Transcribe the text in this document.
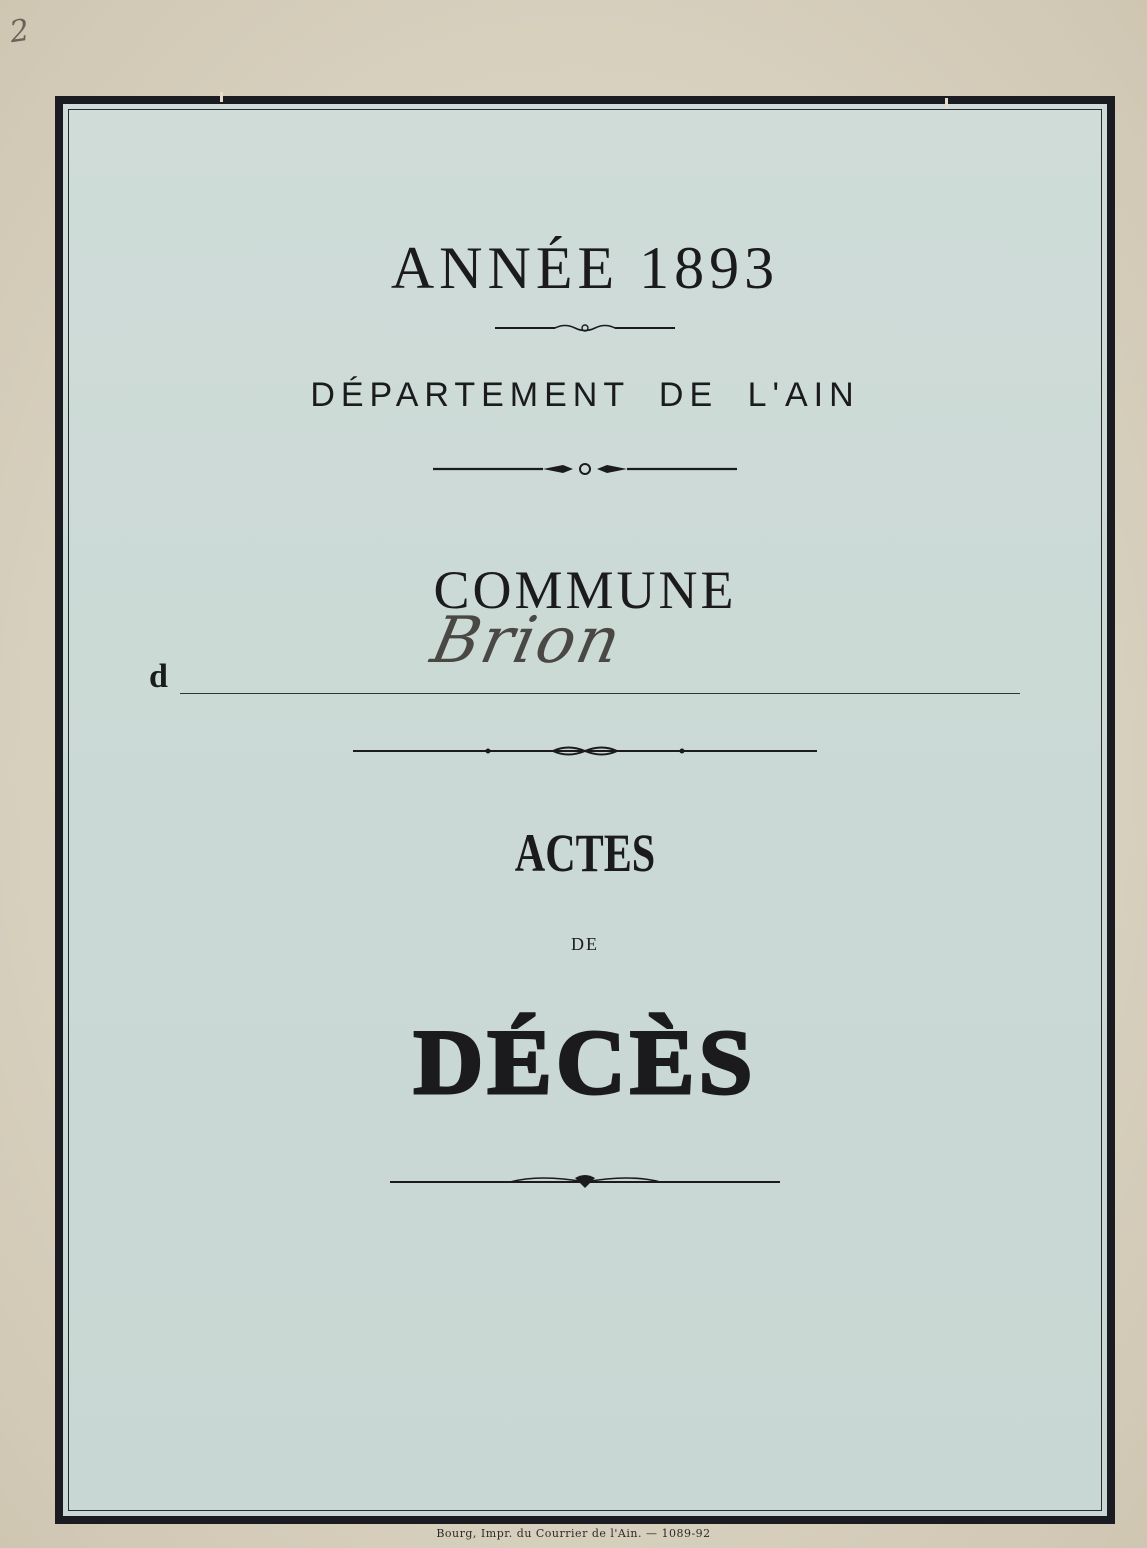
2
ANNÉE 1893
DÉPARTEMENT DE L'AIN
COMMUNE
d	Brion
ACTES
DE
DÉCÈS
Bourg, Impr. du Courrier de l'Ain. — 1089-92
